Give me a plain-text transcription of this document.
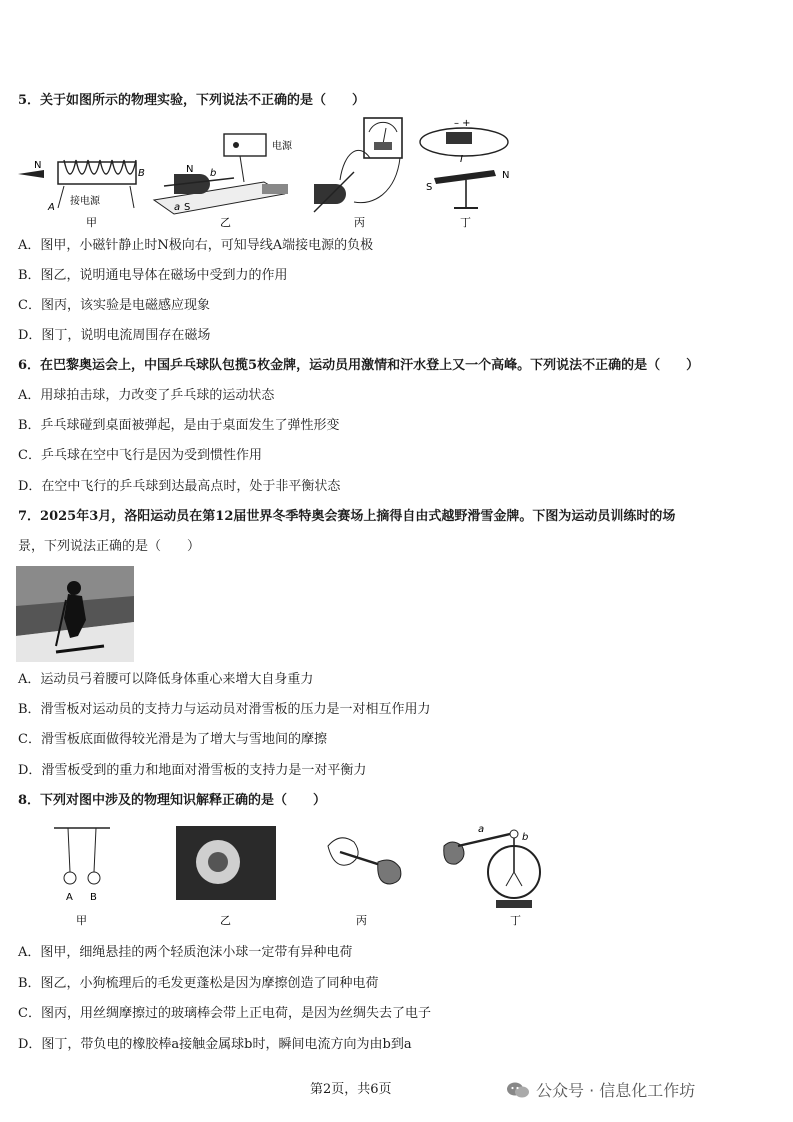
5．关于如图所示的物理实验，下列说法不正确的是（　　）
N
B
A
接电源
甲
电源
N
S
a
b
乙	丙
– +
I
S
N
丁
A．图甲，小磁针静止时N极向右，可知导线A端接电源的负极
B．图乙，说明通电导体在磁场中受到力的作用
C．图丙，该实验是电磁感应现象
D．图丁，说明电流周围存在磁场
6．在巴黎奥运会上，中国乒乓球队包揽5枚金牌，运动员用激情和汗水登上又一个高峰。下列说法不正确的是（　　）
A．用球拍击球，力改变了乒乓球的运动状态
B．乒乓球碰到桌面被弹起，是由于桌面发生了弹性形变
C．乒乓球在空中飞行是因为受到惯性作用
D．在空中飞行的乒乓球到达最高点时，处于非平衡状态
7．2025年3月，洛阳运动员在第12届世界冬季特奥会赛场上摘得自由式越野滑雪金牌。下图为运动员训练时的场
景，下列说法正确的是（　　）
A．运动员弓着腰可以降低身体重心来增大自身重力
B．滑雪板对运动员的支持力与运动员对滑雪板的压力是一对相互作用力
C．滑雪板底面做得较光滑是为了增大与雪地间的摩擦
D．滑雪板受到的重力和地面对滑雪板的支持力是一对平衡力
8．下列对图中涉及的物理知识解释正确的是（　　）
A B
甲	乙	丙
a
b
丁
A．图甲，细绳悬挂的两个轻质泡沫小球一定带有异种电荷
B．图乙，小狗梳理后的毛发更蓬松是因为摩擦创造了同种电荷
C．图丙，用丝绸摩擦过的玻璃棒会带上正电荷，是因为丝绸失去了电子
D．图丁，带负电的橡胶棒a接触金属球b时，瞬间电流方向为由b到a
第2页，共6页	公众号 · 信息化工作坊
